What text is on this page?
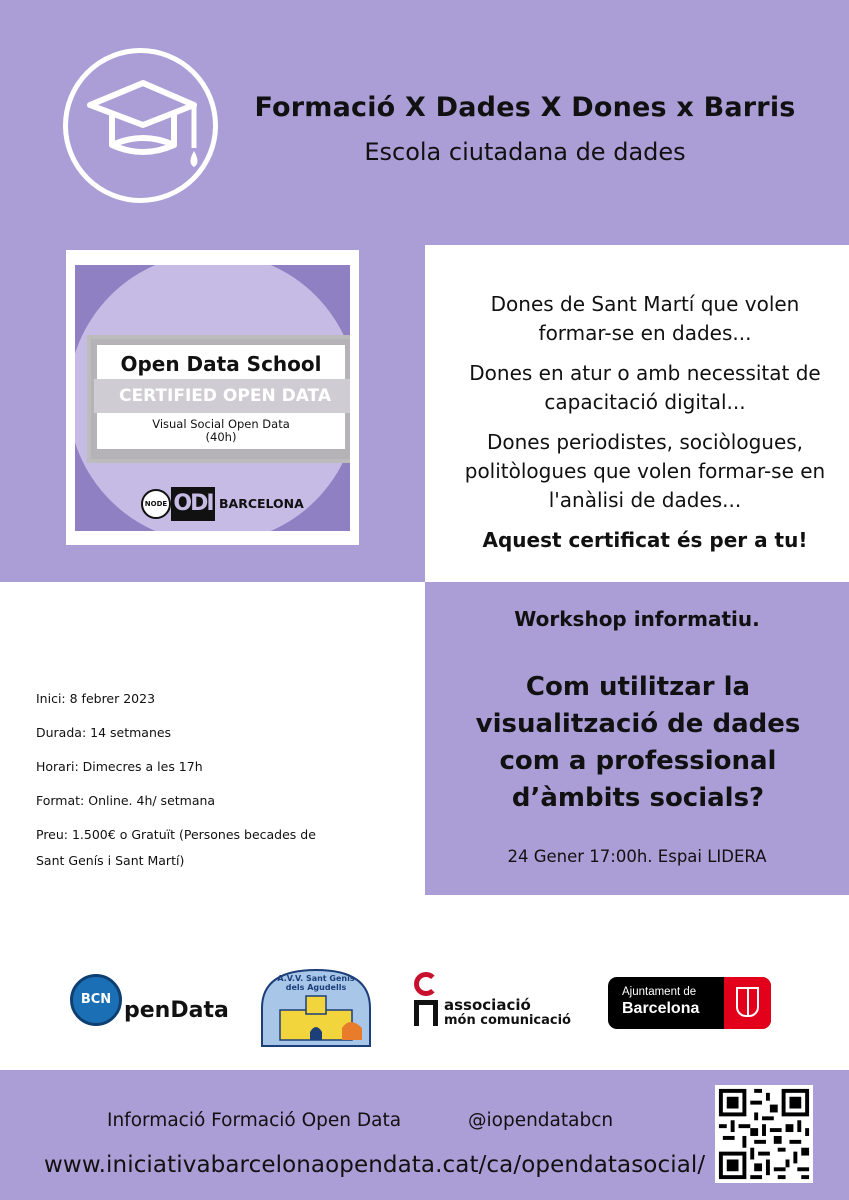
Formació X Dades X Dones x Barris
Escola ciutadana de dades
Open Data School
CERTIFIED OPEN DATA
Visual Social Open Data
(40h)
NODE ODI BARCELONA

Dones de Sant Martí que volen formar-se en dades...

Dones en atur o amb necessitat de capacitació digital...

Dones periodistes, sociòlogues, politòlogues que volen formar-se en l'anàlisi de dades...

Aquest certificat és per a tu!

Workshop informatiu.
Com utilitzar la visualització de dades com a professional d’àmbits socials?
24 Gener 17:00h. Espai LIDERA
Inici: 8 febrer 2023
Durada: 14 setmanes
Horari: Dimecres a les 17h
Format: Online. 4h/ setmana
Preu: 1.500€ o Gratuït (Persones becades de Sant Genís i Sant Martí)
BCN penData
A.V.V. Sant Genís dels Agudells
associació
món comunicació
Ajuntament de
Barcelona
Informació Formació Open Data	@iopendatabcn
www.iniciativabarcelonaopendata.cat/ca/opendatasocial/
